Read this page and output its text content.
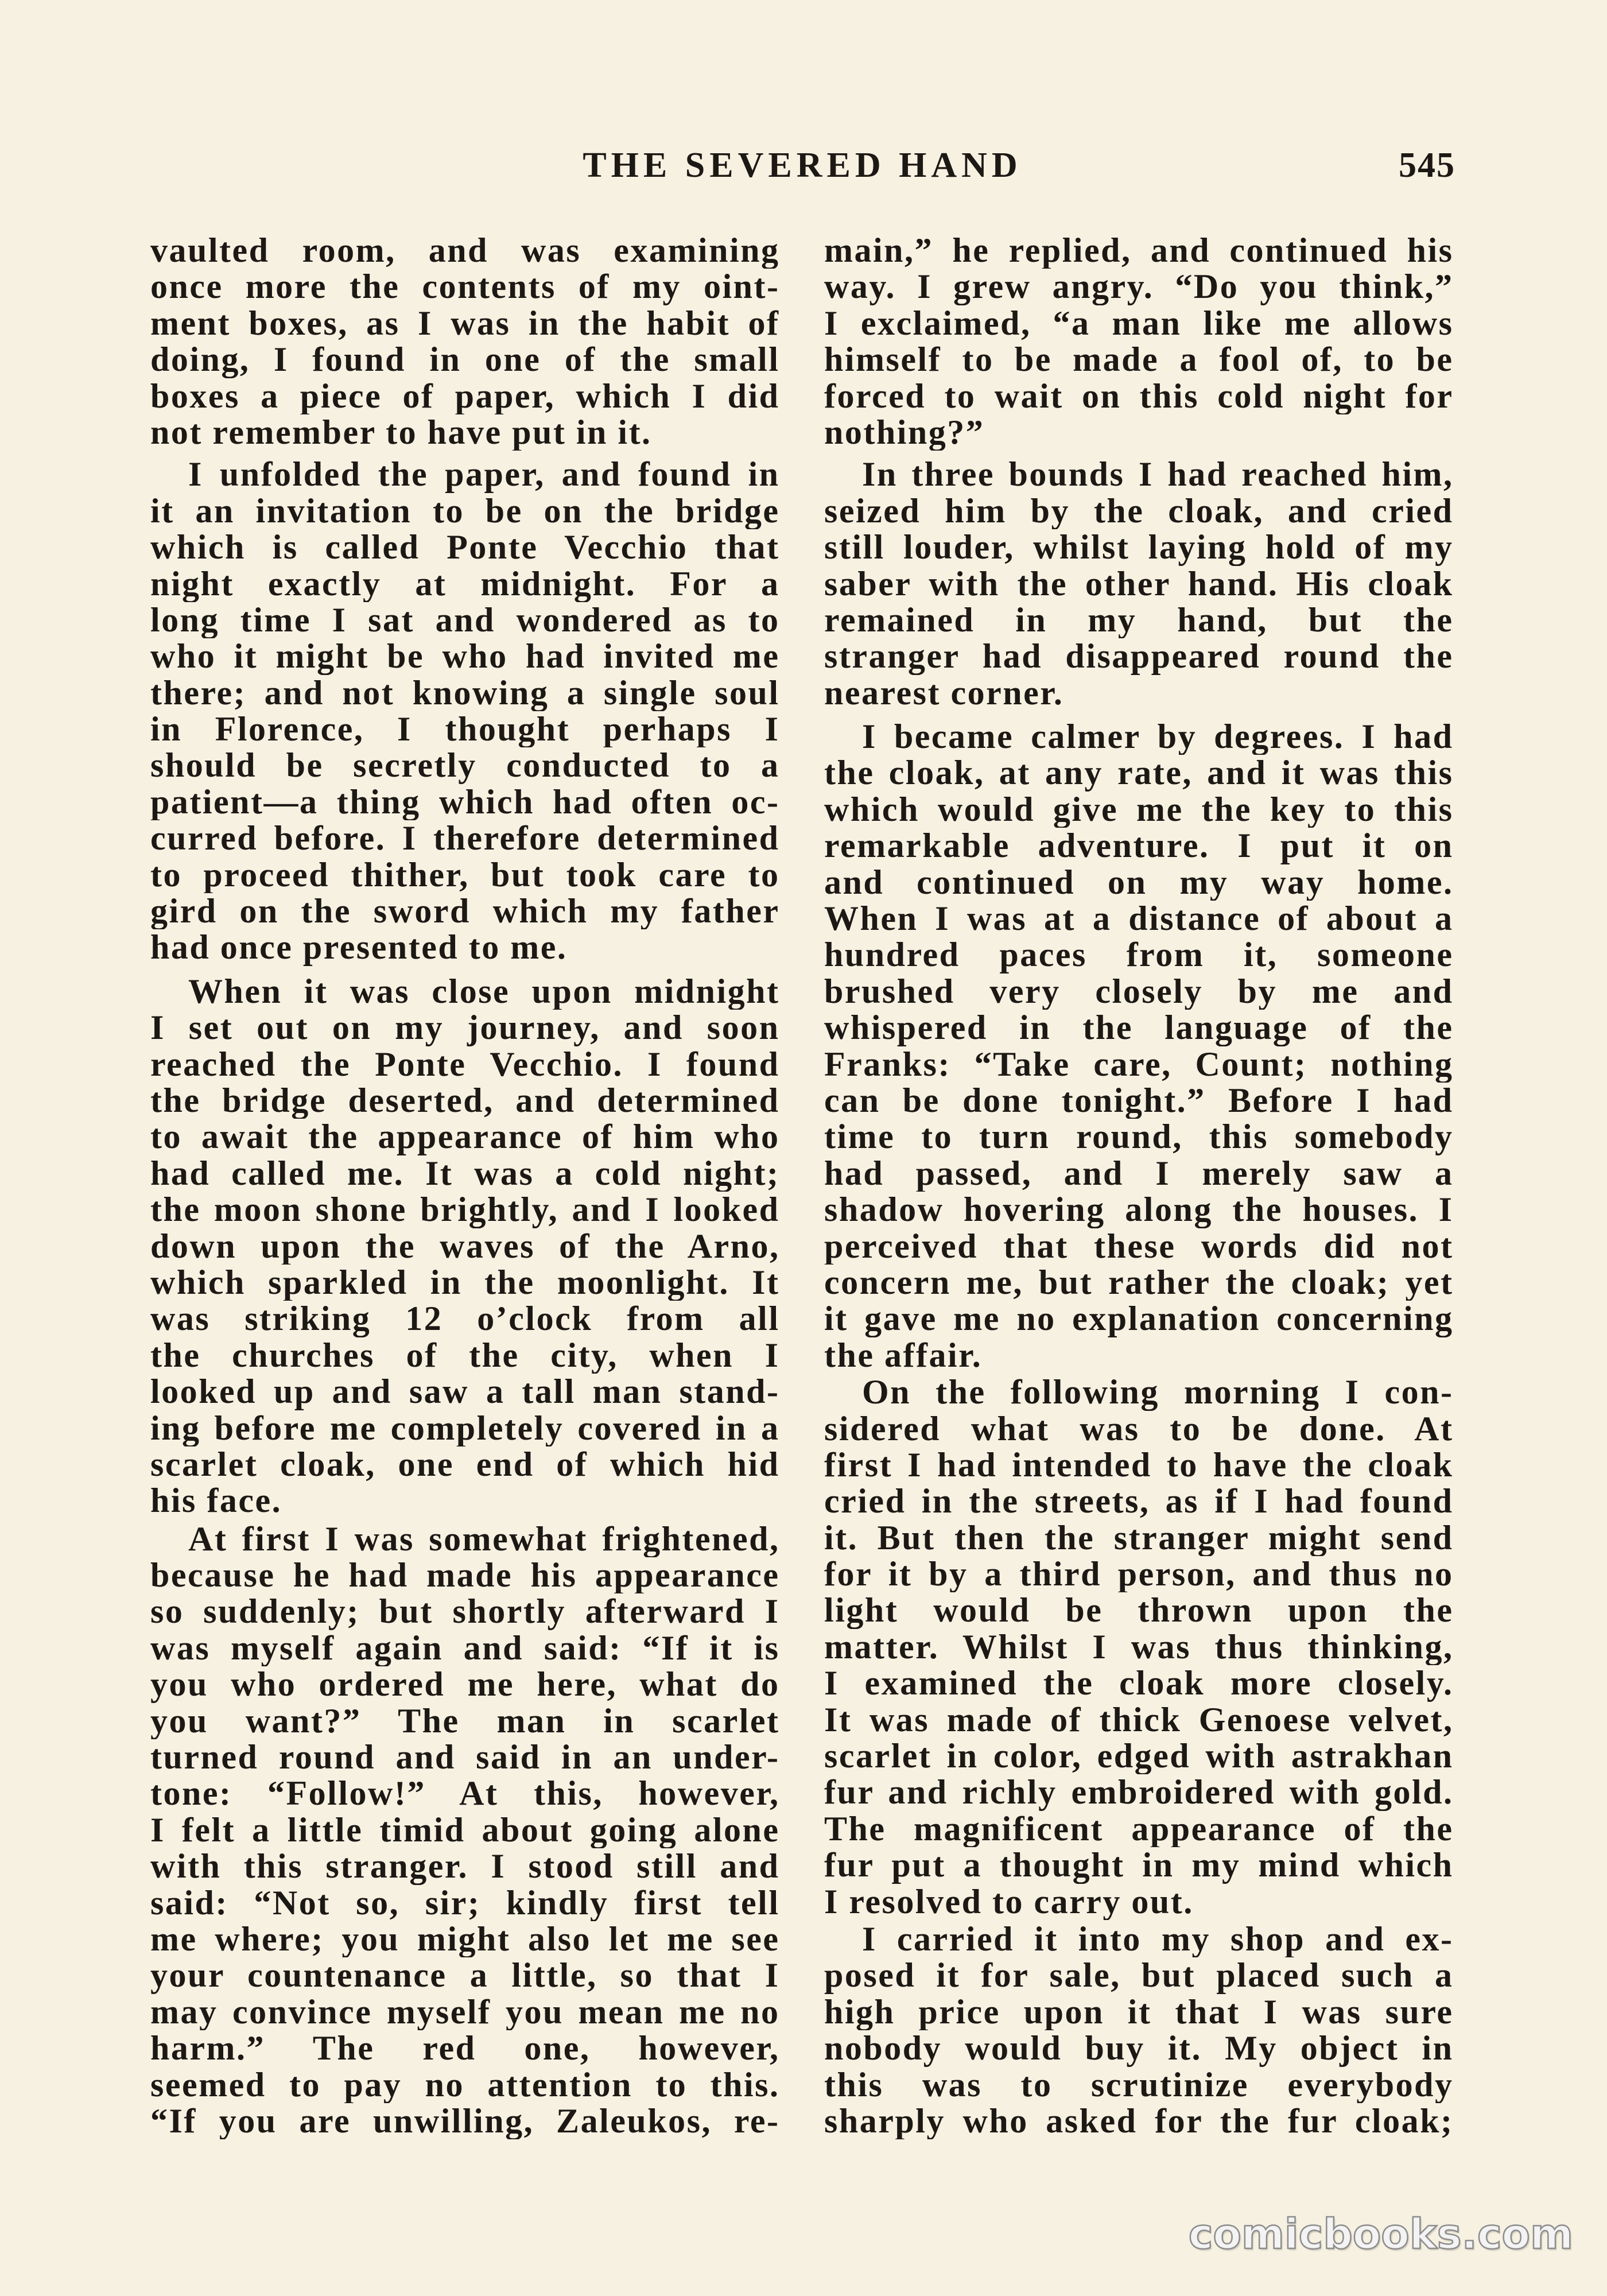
THE SEVERED HAND	545
vaulted room, and was examining
once more the contents of my oint-
ment boxes, as I was in the habit of
doing, I found in one of the small
boxes a piece of paper, which I did
not remember to have put in it.
I unfolded the paper, and found in
it an invitation to be on the bridge
which is called Ponte Vecchio that
night exactly at midnight. For a
long time I sat and wondered as to
who it might be who had invited me
there; and not knowing a single soul
in Florence, I thought perhaps I
should be secretly conducted to a
patient—a thing which had often oc-
curred before. I therefore determined
to proceed thither, but took care to
gird on the sword which my father
had once presented to me.
When it was close upon midnight
I set out on my journey, and soon
reached the Ponte Vecchio. I found
the bridge deserted, and determined
to await the appearance of him who
had called me. It was a cold night;
the moon shone brightly, and I looked
down upon the waves of the Arno,
which sparkled in the moonlight. It
was striking 12 o’clock from all
the churches of the city, when I
looked up and saw a tall man stand-
ing before me completely covered in a
scarlet cloak, one end of which hid
his face.
At first I was somewhat frightened,
because he had made his appearance
so suddenly; but shortly afterward I
was myself again and said: “If it is
you who ordered me here, what do
you want?” The man in scarlet
turned round and said in an under-
tone: “Follow!” At this, however,
I felt a little timid about going alone
with this stranger. I stood still and
said: “Not so, sir; kindly first tell
me where; you might also let me see
your countenance a little, so that I
may convince myself you mean me no
harm.” The red one, however,
seemed to pay no attention to this.
“If you are unwilling, Zaleukos, re-
main,” he replied, and continued his
way. I grew angry. “Do you think,”
I exclaimed, “a man like me allows
himself to be made a fool of, to be
forced to wait on this cold night for
nothing?”
In three bounds I had reached him,
seized him by the cloak, and cried
still louder, whilst laying hold of my
saber with the other hand. His cloak
remained in my hand, but the
stranger had disappeared round the
nearest corner.
I became calmer by degrees. I had
the cloak, at any rate, and it was this
which would give me the key to this
remarkable adventure. I put it on
and continued on my way home.
When I was at a distance of about a
hundred paces from it, someone
brushed very closely by me and
whispered in the language of the
Franks: “Take care, Count; nothing
can be done tonight.” Before I had
time to turn round, this somebody
had passed, and I merely saw a
shadow hovering along the houses. I
perceived that these words did not
concern me, but rather the cloak; yet
it gave me no explanation concerning
the affair.
On the following morning I con-
sidered what was to be done. At
first I had intended to have the cloak
cried in the streets, as if I had found
it. But then the stranger might send
for it by a third person, and thus no
light would be thrown upon the
matter. Whilst I was thus thinking,
I examined the cloak more closely.
It was made of thick Genoese velvet,
scarlet in color, edged with astrakhan
fur and richly embroidered with gold.
The magnificent appearance of the
fur put a thought in my mind which
I resolved to carry out.
I carried it into my shop and ex-
posed it for sale, but placed such a
high price upon it that I was sure
nobody would buy it. My object in
this was to scrutinize everybody
sharply who asked for the fur cloak;
comicbooks.com
